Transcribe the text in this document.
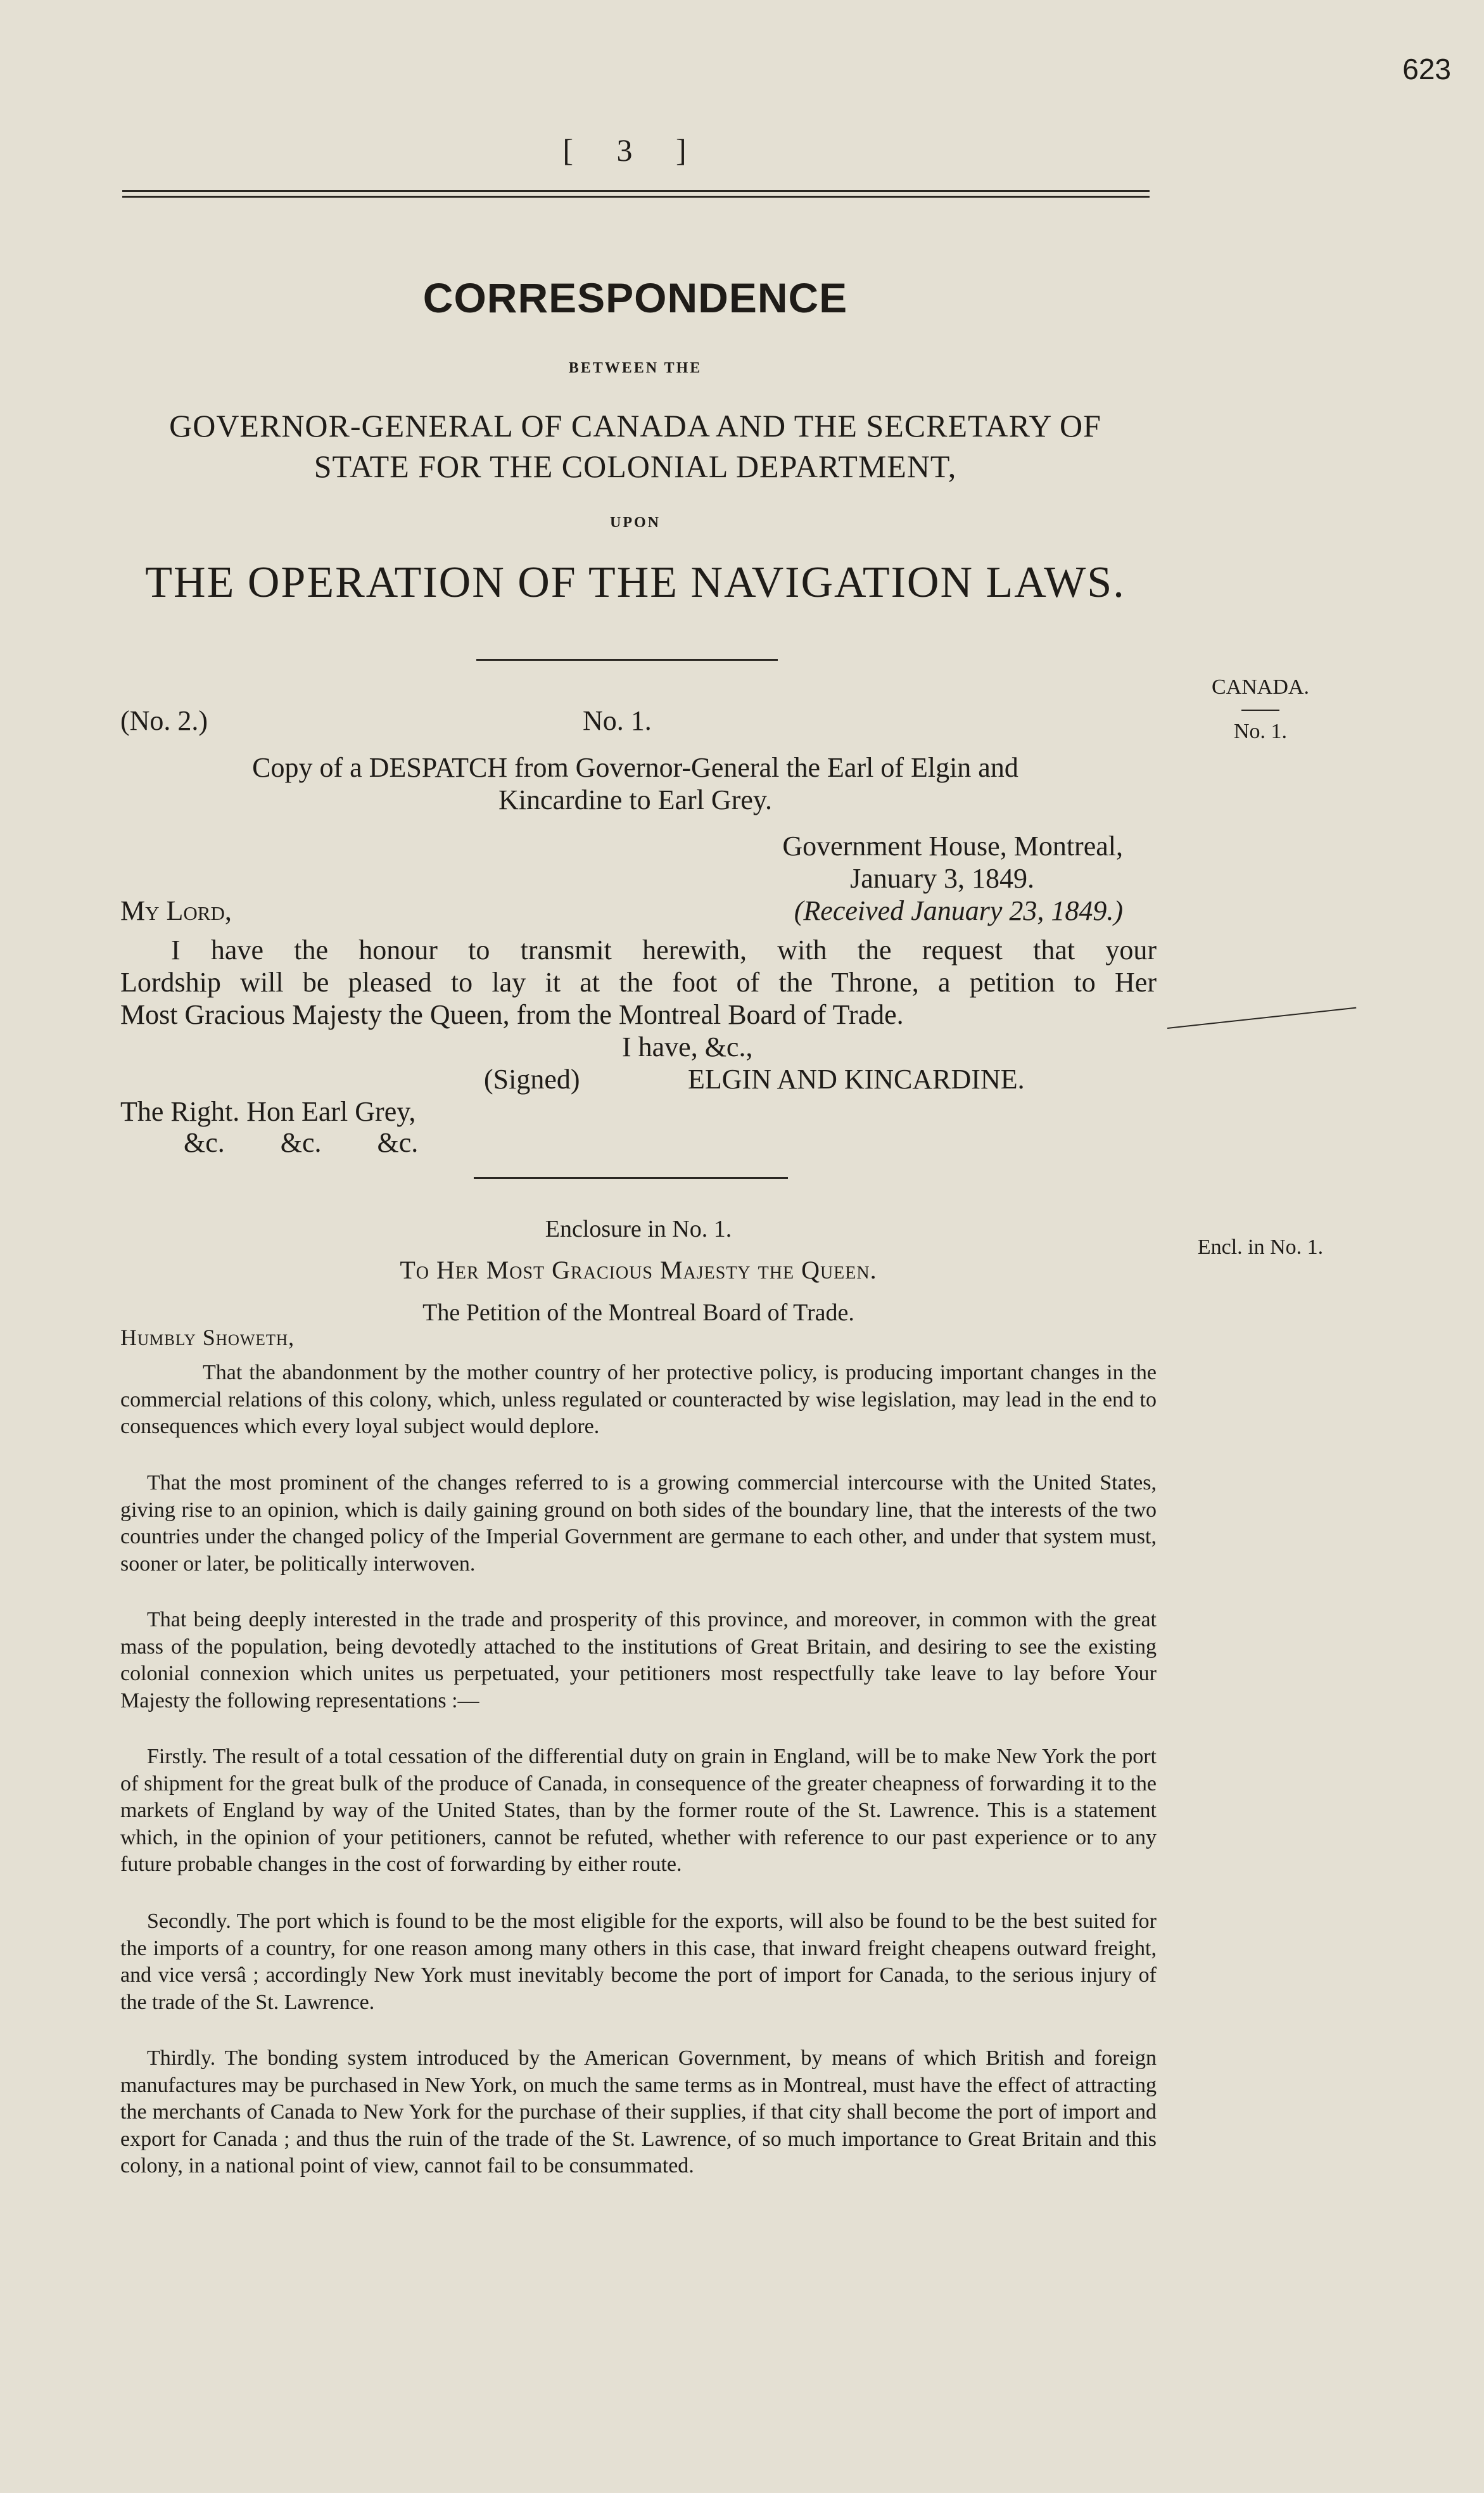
623
[ 3 ]
CORRESPONDENCE
BETWEEN THE
GOVERNOR-GENERAL OF CANADA AND THE SECRETARY OF
STATE FOR THE COLONIAL DEPARTMENT,
UPON
THE OPERATION OF THE NAVIGATION LAWS.
CANADA.
No. 1.
Encl. in No. 1.
(No. 2.)	No. 1.
Copy of a DESPATCH from Governor-General the Earl of Elgin and
Kincardine to Earl Grey.
Government House, Montreal,
January 3, 1849.
My Lord,	(Received January 23, 1849.)
I have the honour to transmit herewith, with the request that your
Lordship will be pleased to lay it at the foot of the Throne, a petition to Her
Most Gracious Majesty the Queen, from the Montreal Board of Trade.
I have, &c.,
(Signed)	ELGIN AND KINCARDINE.
The Right. Hon Earl Grey,
&c.        &c.        &c.
Enclosure in No. 1.
To Her Most Gracious Majesty the Queen.
The Petition of the Montreal Board of Trade.
Humbly Showeth,

That the abandonment by the mother country of her protective policy, is producing important changes in the commercial relations of this colony, which, unless regulated or counteracted by wise legislation, may lead in the end to consequences which every loyal subject would deplore.

That the most prominent of the changes referred to is a growing commercial intercourse with the United States, giving rise to an opinion, which is daily gaining ground on both sides of the boundary line, that the interests of the two countries under the changed policy of the Imperial Government are germane to each other, and under that system must, sooner or later, be politically interwoven.

That being deeply interested in the trade and prosperity of this province, and moreover, in common with the great mass of the population, being devotedly attached to the institutions of Great Britain, and desiring to see the existing colonial connexion which unites us perpetuated, your petitioners most respectfully take leave to lay before Your Majesty the following representations :—

Firstly. The result of a total cessation of the differential duty on grain in England, will be to make New York the port of shipment for the great bulk of the produce of Canada, in consequence of the greater cheapness of forwarding it to the markets of England by way of the United States, than by the former route of the St. Lawrence. This is a statement which, in the opinion of your petitioners, cannot be refuted, whether with reference to our past experience or to any future probable changes in the cost of forwarding by either route.

Secondly. The port which is found to be the most eligible for the exports, will also be found to be the best suited for the imports of a country, for one reason among many others in this case, that inward freight cheapens outward freight, and vice versâ ; accordingly New York must inevitably become the port of import for Canada, to the serious injury of the trade of the St. Lawrence.

Thirdly. The bonding system introduced by the American Government, by means of which British and foreign manufactures may be purchased in New York, on much the same terms as in Montreal, must have the effect of attracting the merchants of Canada to New York for the purchase of their supplies, if that city shall become the port of import and export for Canada ; and thus the ruin of the trade of the St. Lawrence, of so much importance to Great Britain and this colony, in a national point of view, cannot fail to be consummated.
